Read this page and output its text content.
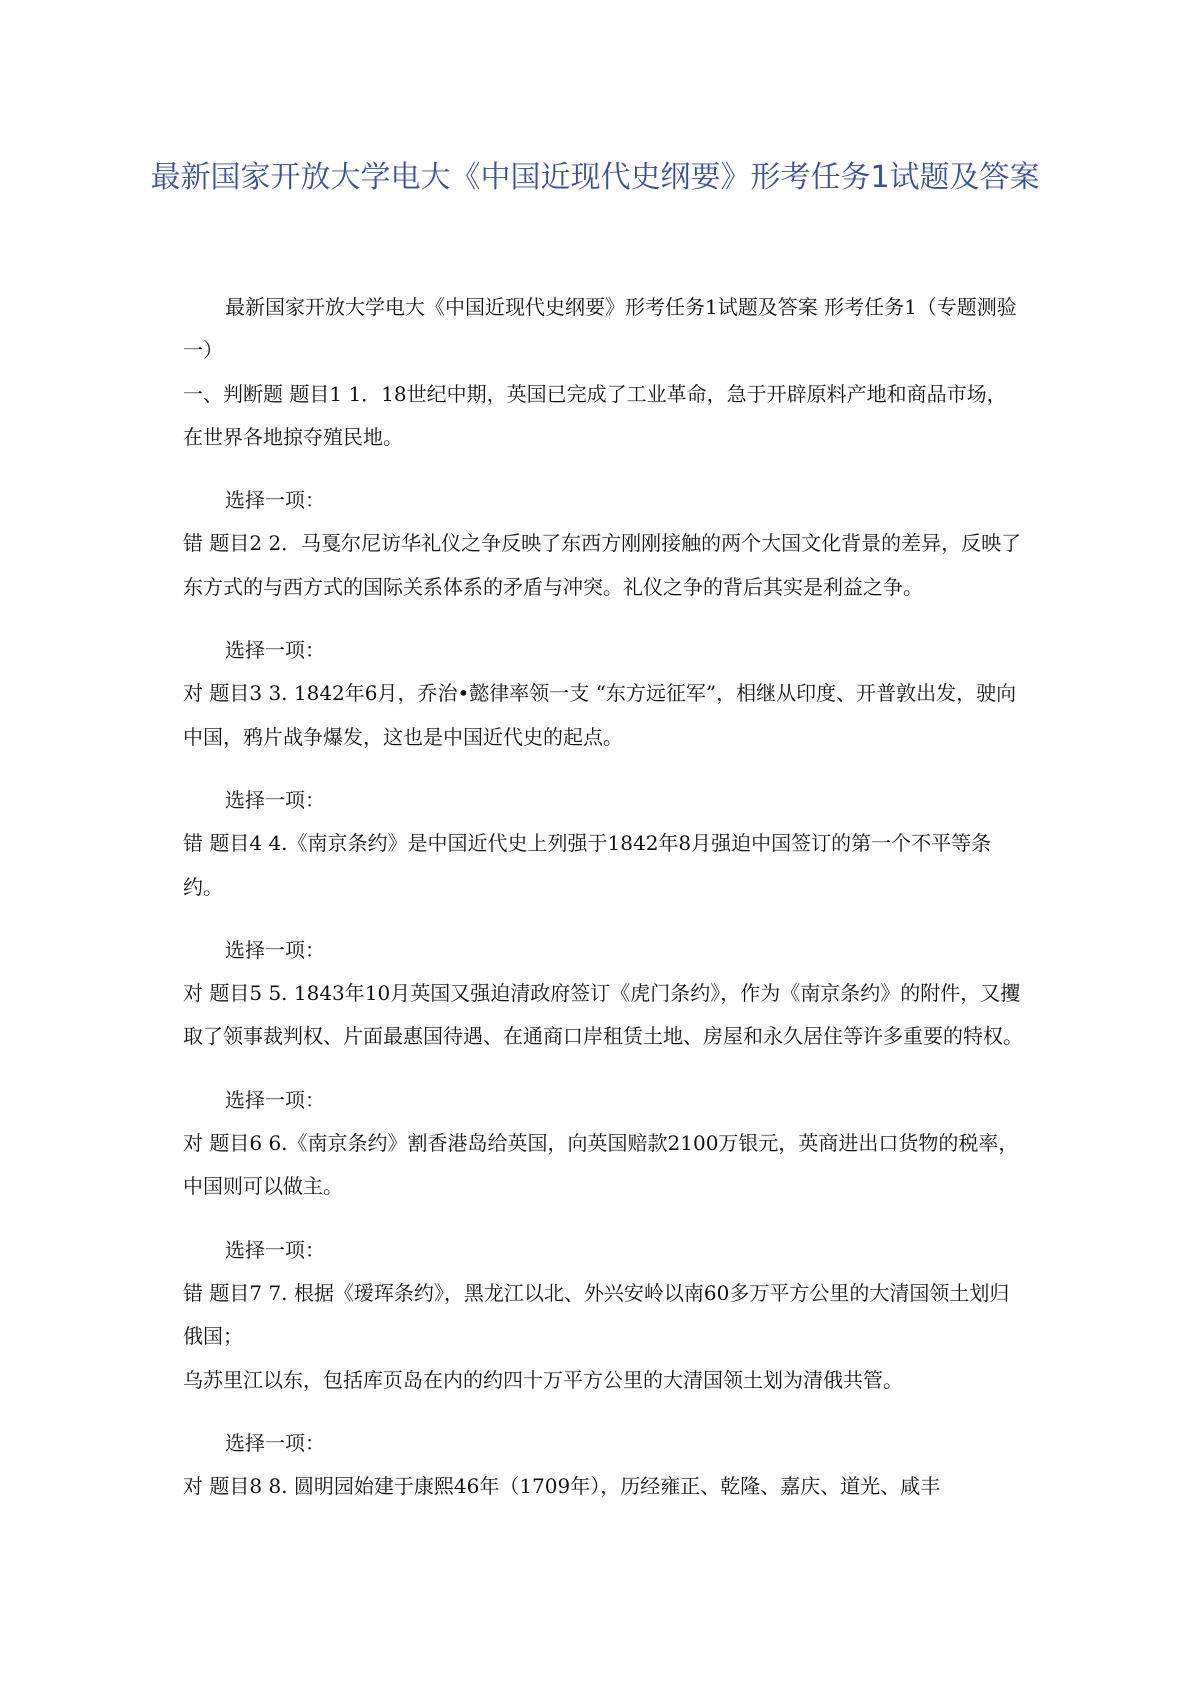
最新国家开放大学电大《中国近现代史纲要》形考任务1试题及答案

最新国家开放大学电大《中国近现代史纲要》形考任务1试题及答案 形考任务1（专题测验一）

一、判断题 题目1 1．18世纪中期，英国已完成了工业革命，急于开辟原料产地和商品市场，在世界各地掠夺殖民地。

选择一项：

错 题目2 2．马戛尔尼访华礼仪之争反映了东西方刚刚接触的两个大国文化背景的差异，反映了东方式的与西方式的国际关系体系的矛盾与冲突。礼仪之争的背后其实是利益之争。

选择一项：

对 题目3 3. 1842年6月，乔治•懿律率领一支 “东方远征军”，相继从印度、开普敦出发，驶向中国，鸦片战争爆发，这也是中国近代史的起点。

选择一项：

错 题目4 4.《南京条约》是中国近代史上列强于1842年8月强迫中国签订的第一个不平等条约。

选择一项：

对 题目5 5. 1843年10月英国又强迫清政府签订《虎门条约》，作为《南京条约》的附件，又攫取了领事裁判权、片面最惠国待遇、在通商口岸租赁土地、房屋和永久居住等许多重要的特权。

选择一项：

对 题目6 6.《南京条约》割香港岛给英国，向英国赔款2100万银元，英商进出口货物的税率，中国则可以做主。

选择一项：

错 题目7 7. 根据《瑷珲条约》，黑龙江以北、外兴安岭以南60多万平方公里的大清国领土划归俄国；

乌苏里江以东，包括库页岛在内的约四十万平方公里的大清国领土划为清俄共管。

选择一项：

对 题目8 8. 圆明园始建于康熙46年（1709年），历经雍正、乾隆、嘉庆、道光、咸丰
